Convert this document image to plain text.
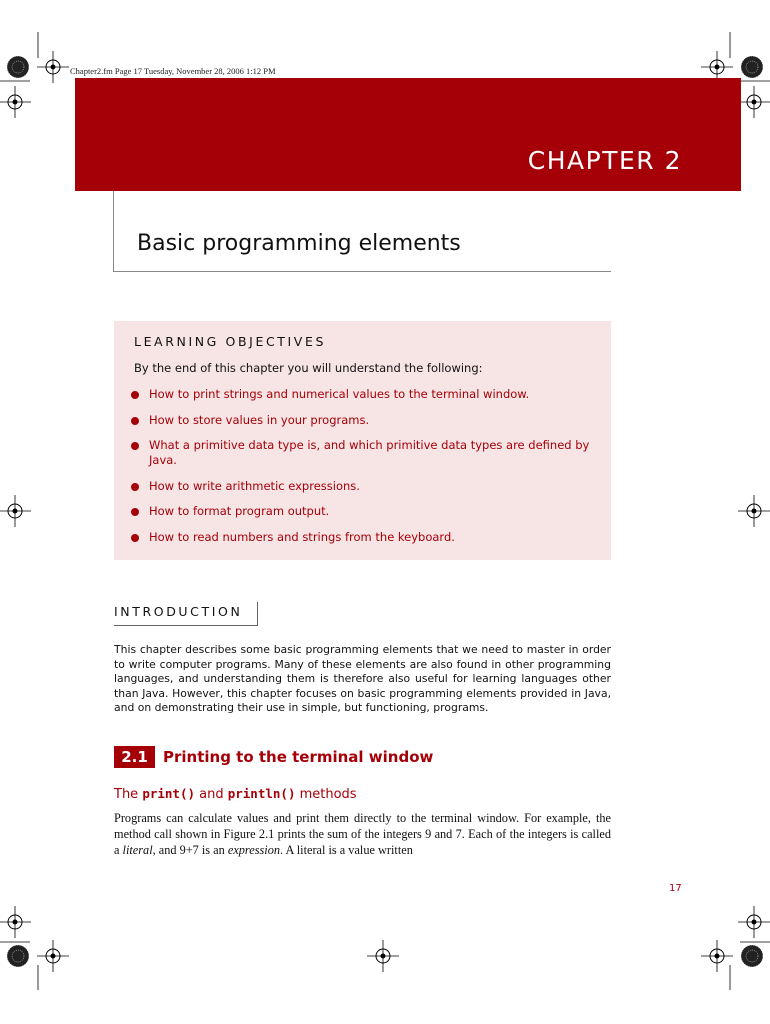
Chapter2.fm Page 17 Tuesday, November 28, 2006 1:12 PM
CHAPTER 2
Basic programming elements
LEARNING OBJECTIVES
By the end of this chapter you will understand the following:
How to print strings and numerical values to the terminal window.
How to store values in your programs.
What a primitive data type is, and which primitive data types are defined by Java.
How to write arithmetic expressions.
How to format program output.
How to read numbers and strings from the keyboard.
INTRODUCTION
This chapter describes some basic programming elements that we need to master in order to write computer programs. Many of these elements are also found in other programming languages, and understanding them is therefore also useful for learning languages other than Java. However, this chapter focuses on basic programming elements provided in Java, and on demonstrating their use in simple, but functioning, programs.
2.1	Printing to the terminal window
The print() and println() methods
Programs can calculate values and print them directly to the terminal window. For example, the method call shown in Figure 2.1 prints the sum of the integers 9 and 7. Each of the integers is called a literal, and 9+7 is an expression. A literal is a value written
17
